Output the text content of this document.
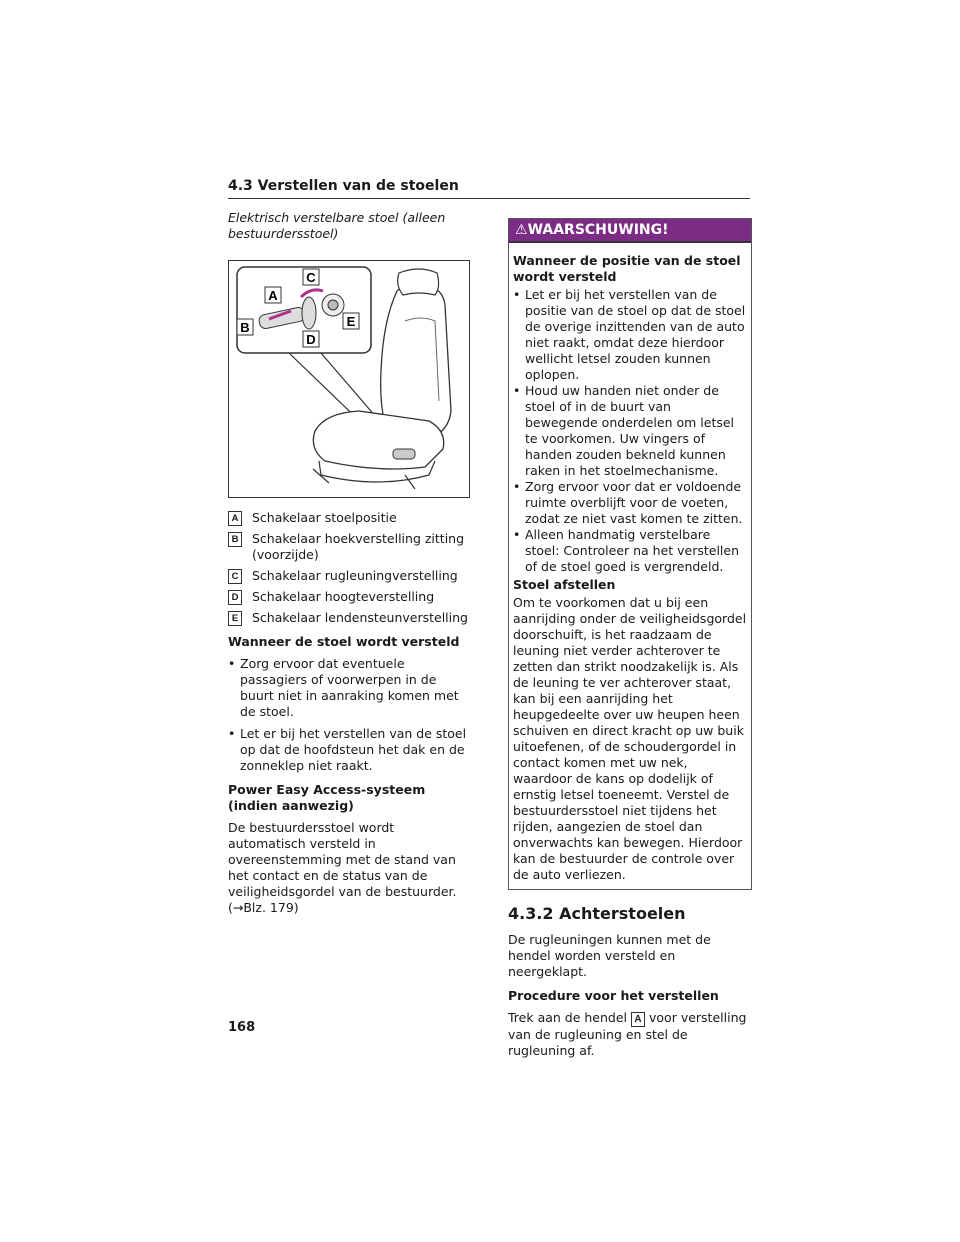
4.3 Verstellen van de stoelen

Elektrisch verstelbare stoel (alleen bestuurdersstoel)

A
B
C
D
E
A Schakelaar stoelpositie
B Schakelaar hoekverstelling zitting (voorzijde)
C Schakelaar rugleuningverstelling
D Schakelaar hoogteverstelling
E	Schakelaar lendensteunverstelling
Wanneer de stoel wordt versteld
• Zorg ervoor dat eventuele passagiers of voorwerpen in de buurt niet in aanraking komen met de stoel.
• Let er bij het verstellen van de stoel op dat de hoofdsteun het dak en de zonneklep niet raakt.
Power Easy Access-systeem (indien aanwezig)

De bestuurdersstoel wordt automatisch versteld in overeenstemming met de stand van het contact en de status van de veiligheidsgordel van de bestuurder. (→Blz. 179)

⚠WAARSCHUWING!
Wanneer de positie van de stoel wordt versteld
• Let er bij het verstellen van de positie van de stoel op dat de stoel de overige inzittenden van de auto niet raakt, omdat deze hierdoor wellicht letsel zouden kunnen oplopen.
• Houd uw handen niet onder de stoel of in de buurt van bewegende onderdelen om letsel te voorkomen. Uw vingers of handen zouden bekneld kunnen raken in het stoelmechanisme.
• Zorg ervoor voor dat er voldoende ruimte overblijft voor de voeten, zodat ze niet vast komen te zitten.
• Alleen handmatig verstelbare stoel: Controleer na het verstellen of de stoel goed is vergrendeld.
Stoel afstellen

Om te voorkomen dat u bij een aanrijding onder de veiligheidsgordel doorschuift, is het raadzaam de leuning niet verder achterover te zetten dan strikt noodzakelijk is. Als de leuning te ver achterover staat, kan bij een aanrijding het heupgedeelte over uw heupen heen schuiven en direct kracht op uw buik uitoefenen, of de schoudergordel in contact komen met uw nek, waardoor de kans op dodelijk of ernstig letsel toeneemt. Verstel de bestuurdersstoel niet tijdens het rijden, aangezien de stoel dan onverwachts kan bewegen. Hierdoor kan de bestuurder de controle over de auto verliezen.

4.3.2 Achterstoelen

De rugleuningen kunnen met de hendel worden versteld en neergeklapt.

Procedure voor het verstellen

Trek aan de hendel A voor verstelling van de rugleuning en stel de rugleuning af.

168
